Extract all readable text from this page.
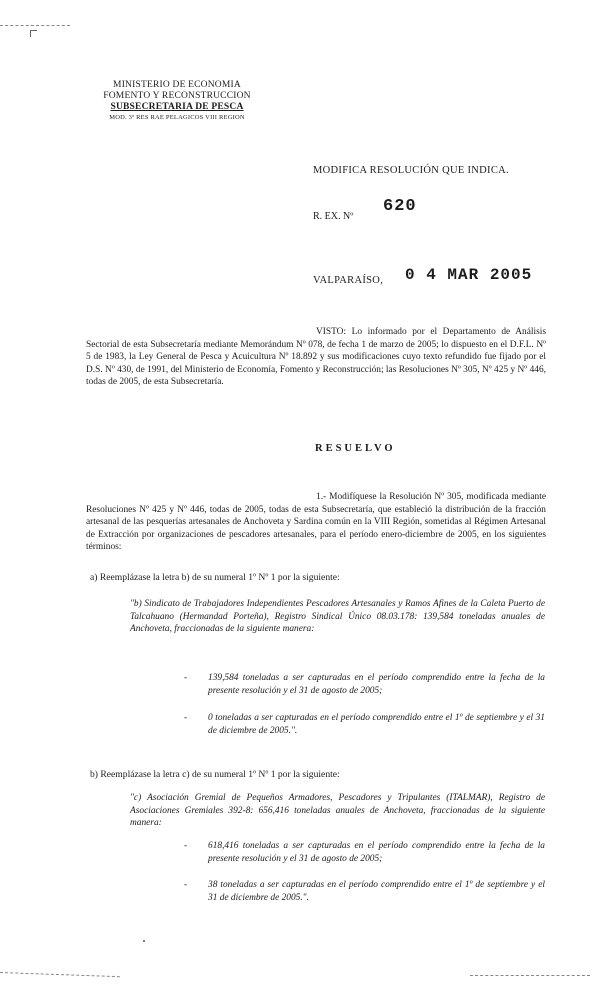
MINISTERIO DE ECONOMIA
FOMENTO Y RECONSTRUCCION
SUBSECRETARIA DE PESCA
MOD. 3º RES RAE PELAGICOS VIII REGION
MODIFICA RESOLUCIÓN QUE INDICA.
R. EX. Nº
620
VALPARAÍSO, 0 4 MAR 2005
VISTO: Lo informado por el Departamento de Análisis Sectorial de esta Subsecretaría mediante Memorándum Nº 078, de fecha 1 de marzo de 2005; lo dispuesto en el D.F.L. Nº 5 de 1983, la Ley General de Pesca y Acuicultura Nº 18.892 y sus modificaciones cuyo texto refundido fue fijado por el D.S. Nº 430, de 1991, del Ministerio de Economía, Fomento y Reconstrucción; las Resoluciones Nº 305, Nº 425 y Nº 446, todas de 2005, de esta Subsecretaría.
RESUELVO
1.- Modifíquese la Resolución Nº 305, modificada mediante Resoluciones Nº 425 y Nº 446, todas de 2005, todas de esta Subsecretaría, que estableció la distribución de la fracción artesanal de las pesquerías artesanales de Anchoveta y Sardina común en la VIII Región, sometidas al Régimen Artesanal de Extracción por organizaciones de pescadores artesanales, para el período enero-diciembre de 2005, en los siguientes términos:
a) Reemplázase la letra b) de su numeral 1º Nº 1 por la siguiente:
"b) Sindicato de Trabajadores Independientes Pescadores Artesanales y Ramos Afines de la Caleta Puerto de Talcahuano (Hermandad Porteña), Registro Sindical Único 08.03.178: 139,584 toneladas anuales de Anchoveta, fraccionadas de la siguiente manera:
- 139,584 toneladas a ser capturadas en el período comprendido entre la fecha de la presente resolución y el 31 de agosto de 2005;
- 0 toneladas a ser capturadas en el período comprendido entre el 1º de septiembre y el 31 de diciembre de 2005.".
b) Reemplázase la letra c) de su numeral 1º Nº 1 por la siguiente:
"c) Asociación Gremial de Pequeños Armadores, Pescadores y Tripulantes (ITALMAR), Registro de Asociaciones Gremiales 392-8: 656,416 toneladas anuales de Anchoveta, fraccionadas de la siguiente manera:
- 618,416 toneladas a ser capturadas en el período comprendido entre la fecha de la presente resolución y el 31 de agosto de 2005;
- 38 toneladas a ser capturadas en el período comprendido entre el 1º de septiembre y el 31 de diciembre de 2005.".
